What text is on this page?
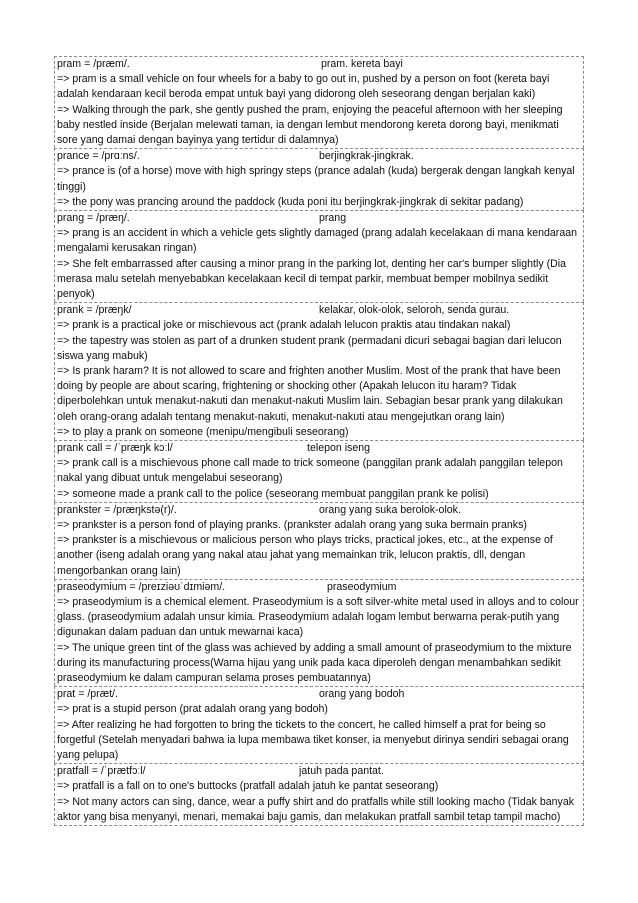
pram = /præm/.	pram. kereta bayi
=> pram is a small vehicle on four wheels for a baby to go out in, pushed by a person on foot (kereta bayi adalah kendaraan kecil beroda empat untuk bayi yang didorong oleh seseorang dengan berjalan kaki)
=> Walking through the park, she gently pushed the pram, enjoying the peaceful afternoon with her sleeping baby nestled inside (Berjalan melewati taman, ia dengan lembut mendorong kereta dorong bayi, menikmati sore yang damai dengan bayinya yang tertidur di dalamnya)
prance = /prɑːns/.	berjingkrak-jingkrak.
=> prance is (of a horse) move with high springy steps (prance adalah (kuda) bergerak dengan langkah kenyal tinggi)
=> the pony was prancing around the paddock (kuda poni itu berjingkrak-jingkrak di sekitar padang)
prang = /præŋ/.	prang
=> prang is an accident in which a vehicle gets slightly damaged (prang adalah kecelakaan di mana kendaraan mengalami kerusakan ringan)
=> She felt embarrassed after causing a minor prang in the parking lot, denting her car's bumper slightly (Dia merasa malu setelah menyebabkan kecelakaan kecil di tempat parkir, membuat bemper mobilnya sedikit penyok)
prank = /præŋk/	kelakar, olok-olok, seloroh, senda gurau.
=> prank is a practical joke or mischievous act (prank adalah lelucon praktis atau tindakan nakal)
=> the tapestry was stolen as part of a drunken student prank (permadani dicuri sebagai bagian dari lelucon siswa yang mabuk)
=> Is prank haram? It is not allowed to scare and frighten another Muslim. Most of the prank that have been doing by people are about scaring, frightening or shocking other (Apakah lelucon itu haram? Tidak diperbolehkan untuk menakut-nakuti dan menakut-nakuti Muslim lain. Sebagian besar prank yang dilakukan oleh orang-orang adalah tentang menakut-nakuti, menakut-nakuti atau mengejutkan orang lain)
=> to play a prank on someone (menipu/mengibuli seseorang)
prank call = /ˈpræŋk kɔːl/	telepon iseng
=> prank call is a mischievous phone call made to trick someone (panggilan prank adalah panggilan telepon nakal yang dibuat untuk mengelabui seseorang)
=> someone made a prank call to the police (seseorang membuat panggilan prank ke polisi)
prankster = /præŋkstə(r)/.	orang yang suka berolok-olok.
=> prankster is a person fond of playing pranks. (prankster adalah orang yang suka bermain pranks)
=> prankster is a mischievous or malicious person who plays tricks, practical jokes, etc., at the expense of another (iseng adalah orang yang nakal atau jahat yang memainkan trik, lelucon praktis, dll, dengan mengorbankan orang lain)
praseodymium = /preɪziəʊˈdɪmiəm/.	praseodymium
=> praseodymium is a chemical element. Praseodymium is a soft silver-white metal used in alloys and to colour glass. (praseodymium adalah unsur kimia. Praseodymium adalah logam lembut berwarna perak-putih yang digunakan dalam paduan dan untuk mewarnai kaca)
=> The unique green tint of the glass was achieved by adding a small amount of praseodymium to the mixture during its manufacturing process(Warna hijau yang unik pada kaca diperoleh dengan menambahkan sedikit praseodymium ke dalam campuran selama proses pembuatannya)
prat = /præt/.	orang yang bodoh
=> prat is a stupid person (prat adalah orang yang bodoh)
=> After realizing he had forgotten to bring the tickets to the concert, he called himself a prat for being so forgetful (Setelah menyadari bahwa ia lupa membawa tiket konser, ia menyebut dirinya sendiri sebagai orang yang pelupa)
pratfall = /ˈprætfɔːl/	jatuh pada pantat.
=> pratfall is a fall on to one's buttocks (pratfall adalah jatuh ke pantat seseorang)
=> Not many actors can sing, dance, wear a puffy shirt and do pratfalls while still looking macho (Tidak banyak aktor yang bisa menyanyi, menari, memakai baju gamis, dan melakukan pratfall sambil tetap tampil macho)
